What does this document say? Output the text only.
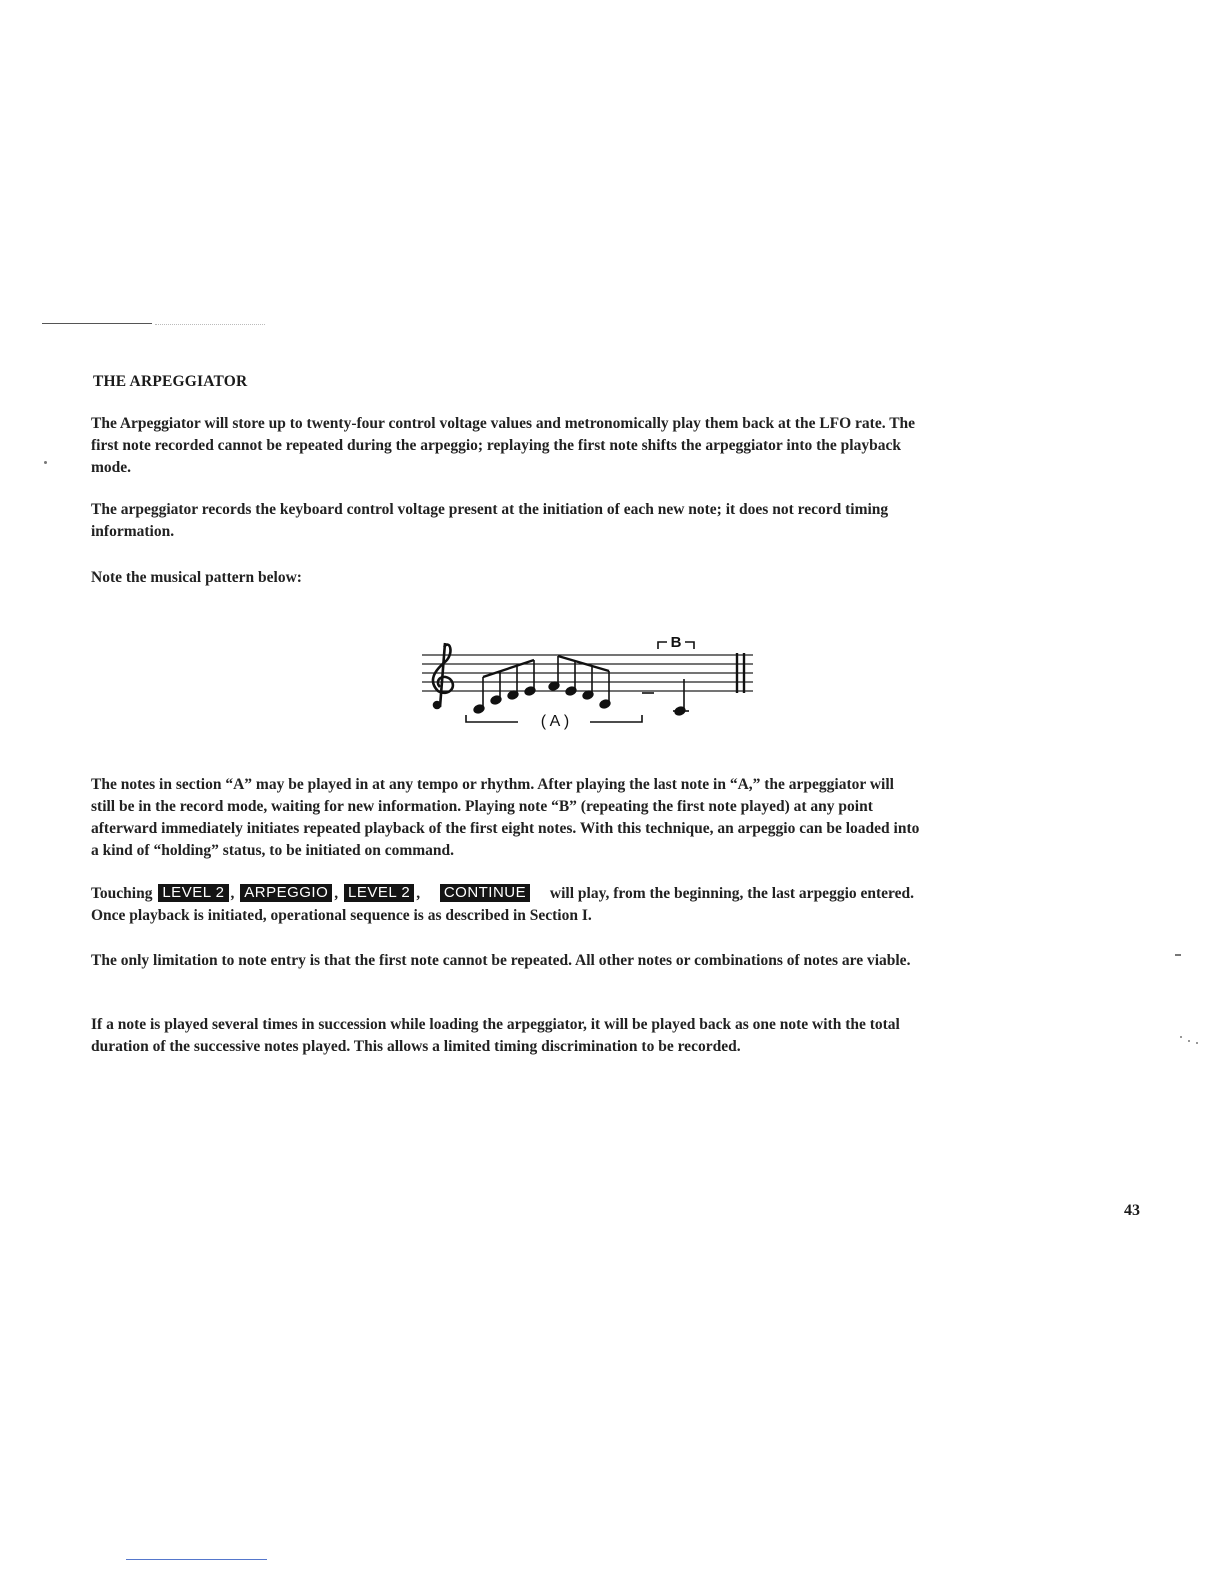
THE ARPEGGIATOR
The Arpeggiator will store up to twenty-four control voltage values and metronomically play them back at the LFO rate. The first note recorded cannot be repeated during the arpeggio; replaying the first note shifts the arpeggiator into the playback mode.
The arpeggiator records the keyboard control voltage present at the initiation of each new note; it does not record timing information.
Note the musical pattern below:
( A )
B
The notes in section “A” may be played in at any tempo or rhythm. After playing the last note in “A,” the arpeggiator will still be in the record mode, waiting for new information. Playing note “B” (repeating the first note played) at any point afterward immediately initiates repeated playback of the first eight notes. With this technique, an arpeggio can be loaded into a kind of “holding” status, to be initiated on command.
Touching LEVEL 2 , ARPEGGIO , LEVEL 2 , CONTINUE will play, from the beginning, the last arpeggio entered. Once playback is initiated, operational sequence is as described in Section I.
The only limitation to note entry is that the first note cannot be repeated. All other notes or combinations of notes are viable.
If a note is played several times in succession while loading the arpeggiator, it will be played back as one note with the total duration of the successive notes played. This allows a limited timing discrimination to be recorded.
43
